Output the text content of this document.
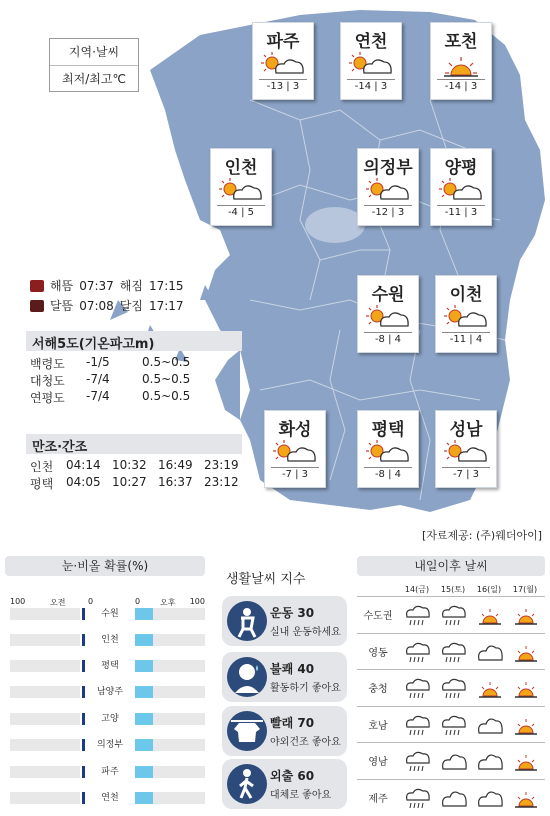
지역·날씨
최저/최고℃
파주
-13 | 3
연천
-14 | 3
포천
-14 | 3
인천
-4 | 5
의정부
-12 | 3
양평
-11 | 3
수원
-8 | 4
이천
-11 | 4
화성
-7 | 3
평택
-8 | 4
성남
-7 | 3
해뜸 07:37 해짐 17:15
달뜸 07:08 달짐 17:17
서해5도(기온파고m)
백령도	-1/5	0.5~0.5
대청도	-7/4	0.5~0.5
연평도	-7/4	0.5~0.5
만조·간조
인천	04:14 10:32 16:49 23:19
평택	04:05 10:27 16:37 23:12
[자료제공: (주)웨더아이]
눈·비올 확률(%)
100	오전	0	0 오후 100
수원
인천
평택
남양주
고양
의정부
파주
연천
생활날씨 지수
운동 30
실내 운동하세요
불쾌 40
활동하기 좋아요
빨래 70
야외건조 좋아요
외출 60
대체로 좋아요
내일이후 날씨
14(금)	15(토)	16(일)	17(월)
수도권
영동
충청
호남
영남
제주
